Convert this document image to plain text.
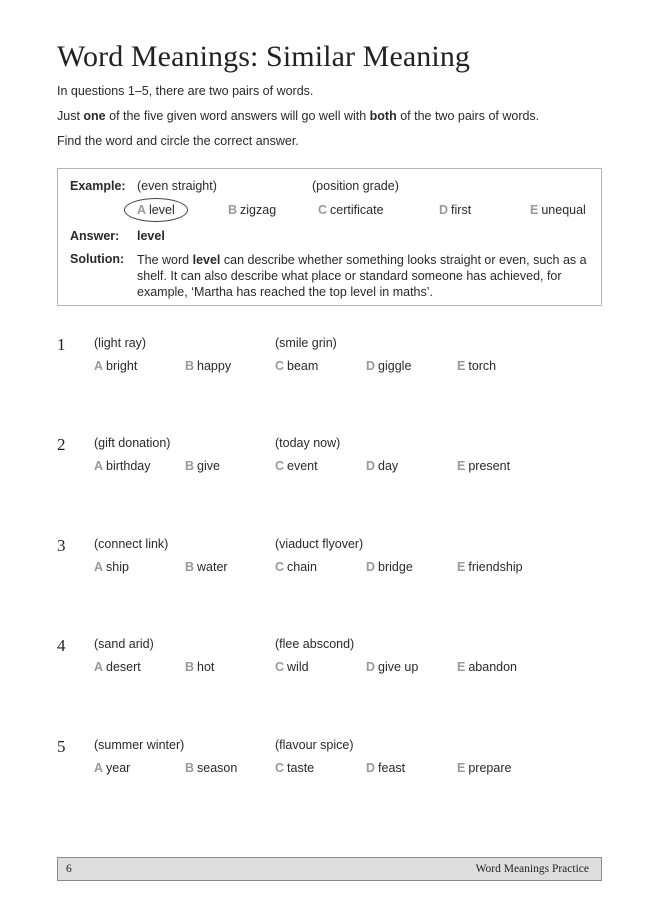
Word Meanings: Similar Meaning
In questions 1–5, there are two pairs of words.
Just one of the five given word answers will go well with both of the two pairs of words.
Find the word and circle the correct answer.
Example: (even straight)	(position grade)
A level	B zigzag	C certificate	D first	E unequal
Answer: level
Solution: The word level can describe whether something looks straight or even, such as a shelf. It can also describe what place or standard someone has achieved, for example, ‘Martha has reached the top level in maths’.
1 (light ray)	(smile grin)
A bright	B happy	C beam	D giggle	E torch
2 (gift donation)	(today now)
A birthday	B give	C event	D day	E present
3 (connect link)	(viaduct flyover)
A ship	B water	C chain	D bridge	E friendship
4 (sand arid)	(flee abscond)
A desert	B hot	C wild	D give up	E abandon
5 (summer winter)	(flavour spice)
A year	B season	C taste	D feast	E prepare
6	Word Meanings Practice
